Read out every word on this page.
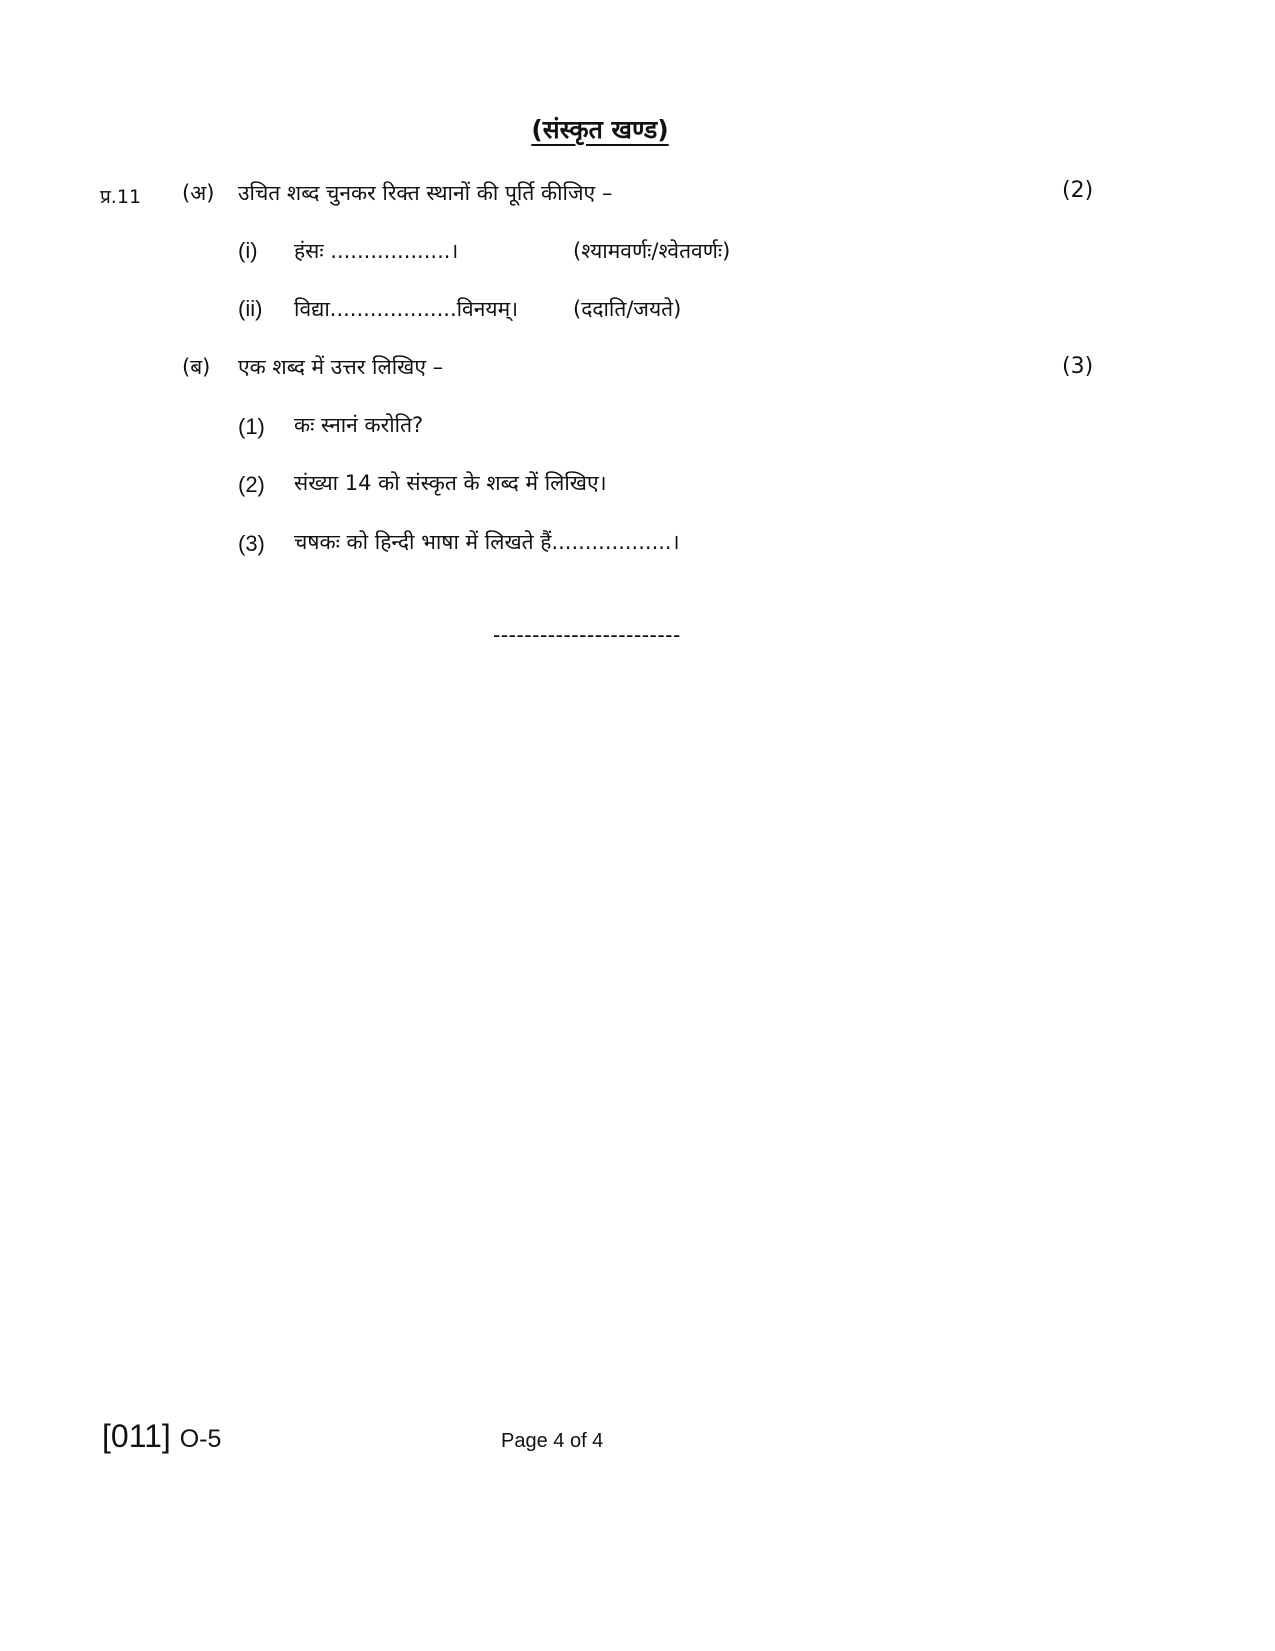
(संस्कृत खण्ड)
प्र.11 (अ) उचित शब्द चुनकर रिक्त स्थानों की पूर्ति कीजिए –	(2)
(i) हंसः ..................।	(श्यामवर्णः/श्वेतवर्णः)
(ii) विद्या...................विनयम्।	(ददाति/जयते)
(ब) एक शब्द में उत्तर लिखिए –	(3)
(1) कः स्नानं करोति?
(2) संख्या 14 को संस्कृत के शब्द में लिखिए।
(3) चषकः को हिन्दी भाषा में लिखते हैं..................।
------------------------
[011] O-5	Page 4 of 4
